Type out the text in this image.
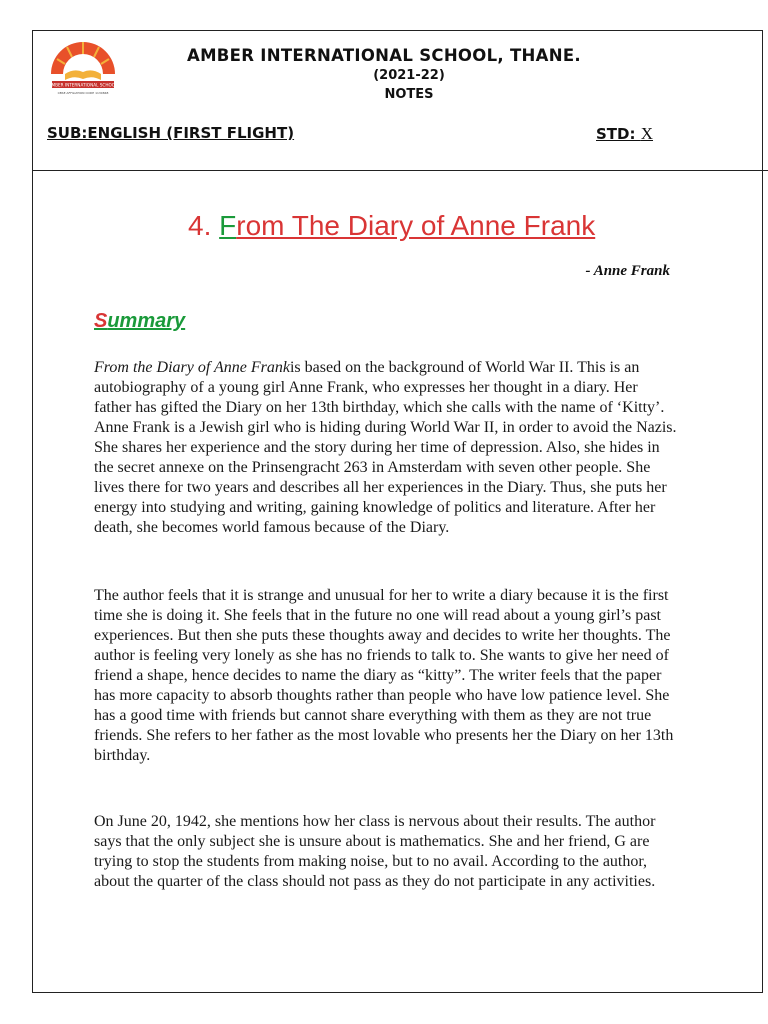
AMBER INTERNATIONAL SCHOOL
CBSE AFFILIATION CODE 1130848
AMBER INTERNATIONAL SCHOOL, THANE.
(2021-22)
NOTES
SUB:ENGLISH (FIRST FLIGHT)	STD: X
4. From The Diary of Anne Frank
- Anne Frank
Summary

From the Diary of Anne Frankis based on the background of World War II. This is an autobiography of a young girl Anne Frank, who expresses her thought in a diary. Her father has gifted the Diary on her 13th birthday, which she calls with the name of ‘Kitty’. Anne Frank is a Jewish girl who is hiding during World War II, in order to avoid the Nazis. She shares her experience and the story during her time of depression. Also, she hides in the secret annexe on the Prinsengracht 263 in Amsterdam with seven other people. She lives there for two years and describes all her experiences in the Diary. Thus, she puts her energy into studying and writing, gaining knowledge of politics and literature. After her death, she becomes world famous because of the Diary.

The author feels that it is strange and unusual for her to write a diary because it is the first time she is doing it. She feels that in the future no one will read about a young girl’s past experiences. But then she puts these thoughts away and decides to write her thoughts. The author is feeling very lonely as she has no friends to talk to. She wants to give her need of friend a shape, hence decides to name the diary as “kitty”. The writer feels that the paper has more capacity to absorb thoughts rather than people who have low patience level. She has a good time with friends but cannot share everything with them as they are not true friends. She refers to her father as the most lovable who presents her the Diary on her 13th birthday.

On June 20, 1942, she mentions how her class is nervous about their results. The author says that the only subject she is unsure about is mathematics. She and her friend, G are trying to stop the students from making noise, but to no avail. According to the author, about the quarter of the class should not pass as they do not participate in any activities.
